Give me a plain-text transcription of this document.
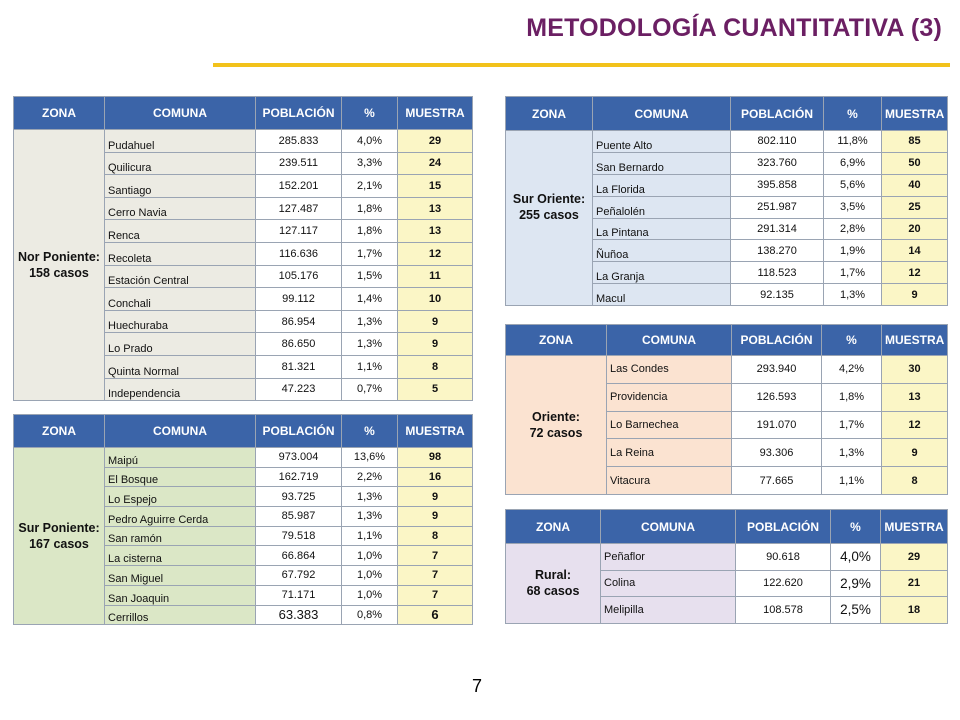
METODOLOGÍA CUANTITATIVA (3)
ZONA	COMUNA	POBLACIÓN	%	MUESTRA

Nor Poniente:
158 casos	Pudahuel	285.833	4,0%	29
	Quilicura	239.511	3,3%	24
	Santiago	152.201	2,1%	15
	Cerro Navia	127.487	1,8%	13
	Renca	127.117	1,8%	13
	Recoleta	116.636	1,7%	12
	Estación Central	105.176	1,5%	11
	Conchali	99.112	1,4%	10
	Huechuraba	86.954	1,3%	9
	Lo Prado	86.650	1,3%	9
	Quinta Normal	81.321	1,1%	8
	Independencia	47.223	0,7%	5
ZONA	COMUNA	POBLACIÓN	%	MUESTRA

Sur Poniente:
167 casos	Maipú	973.004	13,6%	98
	El Bosque	162.719	2,2%	16
	Lo Espejo	93.725	1,3%	9
	Pedro Aguirre Cerda	85.987	1,3%	9
	San ramón	79.518	1,1%	8
	La cisterna	66.864	1,0%	7
	San Miguel	67.792	1,0%	7
	San Joaquin	71.171	1,0%	7
	Cerrillos	63.383	0,8%	6
ZONA	COMUNA	POBLACIÓN	%	MUESTRA

Sur Oriente:
255 casos	Puente Alto	802.110	11,8%	85
	San Bernardo	323.760	6,9%	50
	La Florida	395.858	5,6%	40
	Peñalolén	251.987	3,5%	25
	La Pintana	291.314	2,8%	20
	Ñuñoa	138.270	1,9%	14
	La Granja	118.523	1,7%	12
	Macul	92.135	1,3%	9
ZONA	COMUNA	POBLACIÓN	%	MUESTRA

Oriente:
72 casos	Las Condes	293.940	4,2%	30
	Providencia	126.593	1,8%	13
	Lo Barnechea	191.070	1,7%	12
	La Reina	93.306	1,3%	9
	Vitacura	77.665	1,1%	8
ZONA	COMUNA	POBLACIÓN	%	MUESTRA

Rural:
68 casos	Peñaflor	90.618	4,0%	29
	Colina	122.620	2,9%	21
	Melipilla	108.578	2,5%	18
7
